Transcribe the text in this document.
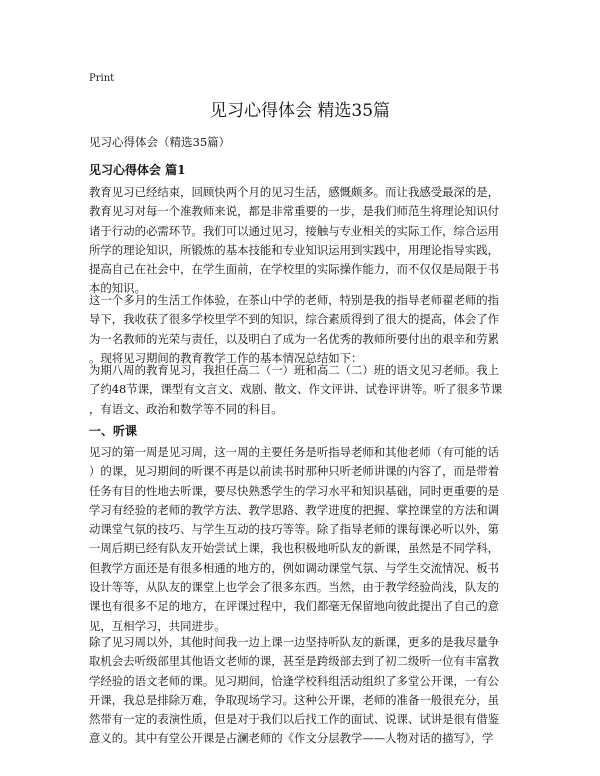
Print
见习心得体会 精选35篇
见习心得体会（精选35篇）
见习心得体会 篇1
教育见习已经结束，回顾快两个月的见习生活，感慨颇多。而让我感受最深的是，
教育见习对每一个准教师来说，都是非常重要的一步，是我们师范生将理论知识付
诸于行动的必需环节。我们可以通过见习，接触与专业相关的实际工作，综合运用
所学的理论知识，所锻炼的基本技能和专业知识运用到实践中，用理论指导实践，
提高自己在社会中，在学生面前，在学校里的实际操作能力，而不仅仅是局限于书
本的知识。
这一个多月的生活工作体验，在茶山中学的老师，特别是我的指导老师翟老师的指
导下，我收获了很多学校里学不到的知识，综合素质得到了很大的提高，体会了作
为一名教师的光荣与责任，以及明白了成为一名优秀的教师所要付出的艰辛和劳累
。现将见习期间的教育教学工作的基本情况总结如下：
为期八周的教育见习，我担任高二（一）班和高二（二）班的语文见习老师。我上
了约48节课，课型有文言文、戏剧、散文、作文评讲、试卷评讲等。听了很多节课
，有语文、政治和数学等不同的科目。
一、听课
见习的第一周是见习周，这一周的主要任务是听指导老师和其他老师（有可能的话
）的课，见习期间的听课不再是以前读书时那种只听老师讲课的内容了，而是带着
任务有目的性地去听课，要尽快熟悉学生的学习水平和知识基础，同时更重要的是
学习有经验的老师的教学方法、教学思路、教学进度的把握、掌控课堂的方法和调
动课堂气氛的技巧、与学生互动的技巧等等。除了指导老师的课每课必听以外，第
一周后期已经有队友开始尝试上课，我也积极地听队友的新课，虽然是不同学科，
但教学方面还是有很多相通的地方的，例如调动课堂气氛、与学生交流情况、板书
设计等等，从队友的课堂上也学会了很多东西。当然，由于教学经验尚浅，队友的
课也有很多不足的地方，在评课过程中，我们都毫无保留地向彼此提出了自己的意
见，互相学习，共同进步。
除了见习周以外，其他时间我一边上课一边坚持听队友的新课，更多的是我尽量争
取机会去听级部里其他语文老师的课，甚至是跨级部去到了初二级听一位有丰富教
学经验的语文老师的课。见习期间，恰逢学校科组活动组织了多堂公开课，一有公
开课，我总是排除万难，争取现场学习。这种公开课，老师的准备一般很充分，虽
然带有一定的表演性质，但是对于我们以后找工作的面试、说课、试讲是很有借鉴
意义的。其中有堂公开课是占澜老师的《作文分层教学——人物对话的描写》，学
